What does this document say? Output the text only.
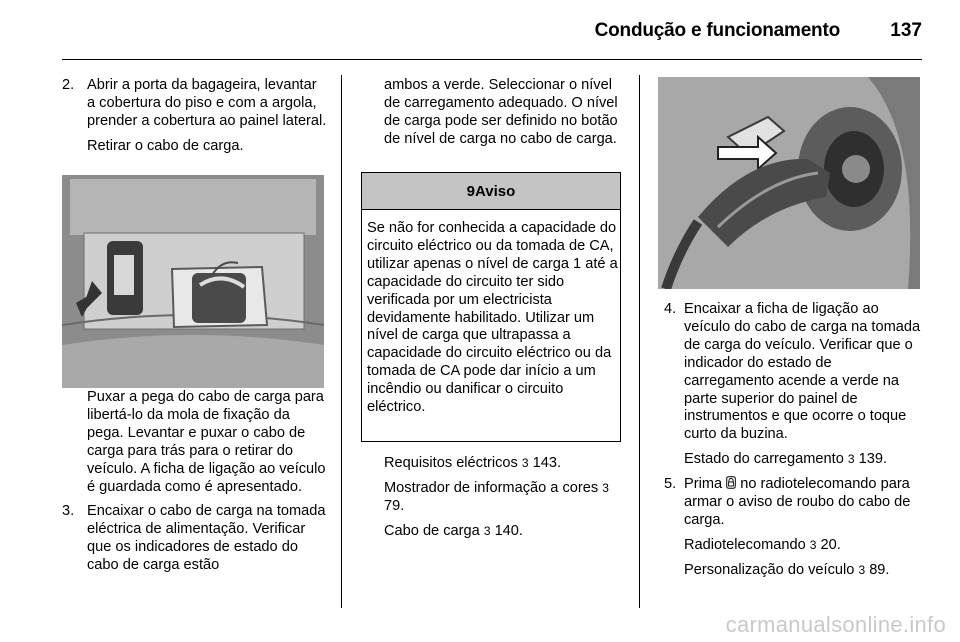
Condução e funcionamento	137
2. Abrir a porta da bagageira, levantar a cobertura do piso e com a argola, prender a cobertura ao painel lateral.

Retirar o cabo de carga.

Puxar a pega do cabo de carga para libertá-lo da mola de fixação da pega. Levantar e puxar o cabo de carga para trás para o retirar do veículo. A ficha de ligação ao veículo é guardada como é apresentado.

3. Encaixar o cabo de carga na tomada eléctrica de alimentação. Verificar que os indicadores de estado do cabo de carga estão

ambos a verde. Seleccionar o nível de carregamento adequado. O nível de carga pode ser definido no botão de nível de carga no cabo de carga.

9 Aviso

Se não for conhecida a capacidade do circuito eléctrico ou da tomada de CA, utilizar apenas o nível de carga 1 até a capacidade do circuito ter sido verificada por um electricista devidamente habilitado. Utilizar um nível de carga que ultrapassa a capacidade do circuito eléctrico ou da tomada de CA pode dar início a um incêndio ou danificar o circuito eléctrico.

Requisitos eléctricos 3 143.

Mostrador de informação a cores 3 79.

Cabo de carga 3 140.

4. Encaixar a ficha de ligação ao veículo do cabo de carga na tomada de carga do veículo. Verificar que o indicador do estado de carregamento acende a verde na parte superior do painel de instrumentos e que ocorre o toque curto da buzina.

Estado do carregamento 3 139.

5. Prima no radiotelecomando para armar o aviso de roubo do cabo de carga.

Radiotelecomando 3 20.

Personalização do veículo 3 89.

carmanualsonline.info
